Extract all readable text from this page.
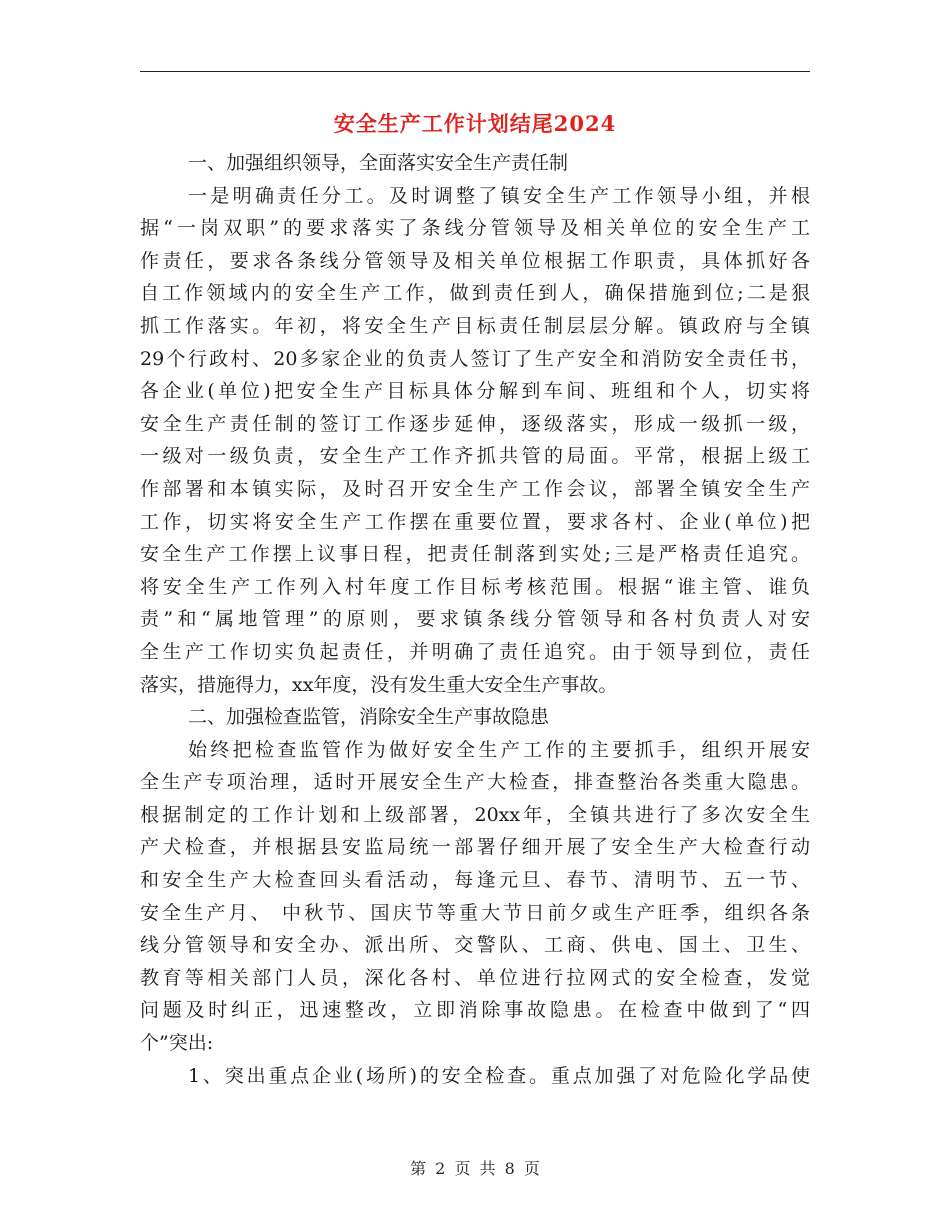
安全生产工作计划结尾2024
一、加强组织领导，全面落实安全生产责任制
一是明确责任分工。及时调整了镇安全生产工作领导小组，并根
据“一岗双职”的要求落实了条线分管领导及相关单位的安全生产工
作责任，要求各条线分管领导及相关单位根据工作职责，具体抓好各
自工作领域内的安全生产工作，做到责任到人，确保措施到位;二是狠
抓工作落实。年初，将安全生产目标责任制层层分解。镇政府与全镇
29个行政村、20多家企业的负责人签订了生产安全和消防安全责任书，
各企业(单位)把安全生产目标具体分解到车间、班组和个人，切实将
安全生产责任制的签订工作逐步延伸，逐级落实，形成一级抓一级，
一级对一级负责，安全生产工作齐抓共管的局面。平常，根据上级工
作部署和本镇实际，及时召开安全生产工作会议，部署全镇安全生产
工作，切实将安全生产工作摆在重要位置，要求各村、企业(单位)把
安全生产工作摆上议事日程，把责任制落到实处;三是严格责任追究。
将安全生产工作列入村年度工作目标考核范围。根据“谁主管、谁负
责”和“属地管理”的原则，要求镇条线分管领导和各村负责人对安
全生产工作切实负起责任，并明确了责任追究。由于领导到位，责任
落实，措施得力，xx年度，没有发生重大安全生产事故。
二、加强检查监管，消除安全生产事故隐患
始终把检查监管作为做好安全生产工作的主要抓手，组织开展安
全生产专项治理，适时开展安全生产大检查，排查整治各类重大隐患。
根据制定的工作计划和上级部署，20xx年，全镇共进行了多次安全生
产犬检查，并根据县安监局统一部署仔细开展了安全生产大检查行动
和安全生产大检查回头看活动，每逢元旦、春节、清明节、五一节、
安全生产月、 中秋节、国庆节等重大节日前夕或生产旺季，组织各条
线分管领导和安全办、派出所、交警队、工商、供电、国土、卫生、
教育等相关部门人员，深化各村、单位进行拉网式的安全检查，发觉
问题及时纠正，迅速整改，立即消除事故隐患。在检查中做到了“四
个”突出:
1、突出重点企业(场所)的安全检查。重点加强了对危险化学品使
第 2 页 共 8 页
